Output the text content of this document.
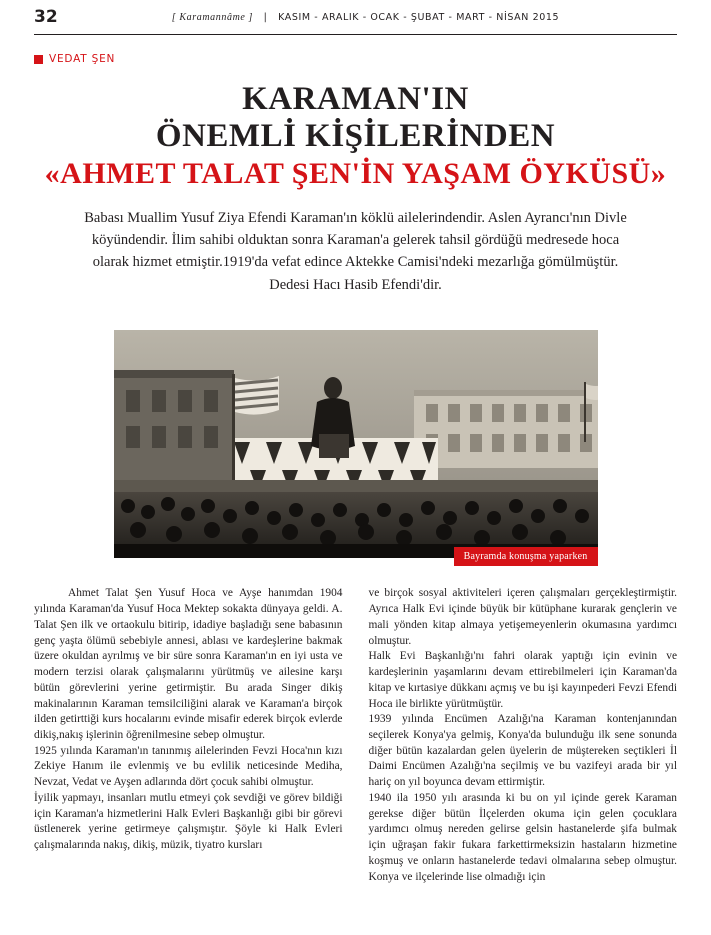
32	[ Karamannâme ] | KASIM - ARALIK - OCAK - ŞUBAT - MART - NİSAN 2015
VEDAT ŞEN
KARAMAN'IN
ÖNEMLİ KİŞİLERİNDEN
«AHMET TALAT ŞEN'İN YAŞAM ÖYKÜSÜ»
Babası Muallim Yusuf Ziya Efendi Karaman'ın köklü ailelerindendir. Aslen Ayrancı'nın Divle köyündendir. İlim sahibi olduktan sonra Karaman'a gelerek tahsil gördüğü medresede hoca olarak hizmet etmiştir.1919'da vefat edince Aktekke Camisi'ndeki mezarlığa gömülmüştür. Dedesi Hacı Hasib Efendi'dir.
Bayramda konuşma yaparken

Ahmet Talat Şen Yusuf Hoca ve Ayşe hanımdan 1904 yılında Karaman'da Yusuf Hoca Mektep sokakta dünyaya geldi. A. Talat Şen ilk ve ortaokulu bitirip, idadiye başladığı sene babasının genç yaşta ölümü sebebiyle annesi, ablası ve kardeşlerine bakmak üzere okuldan ayrılmış ve bir süre sonra Karaman'ın en iyi usta ve modern terzisi olarak çalışmalarını yürütmüş ve ailesine karşı bütün görevlerini yerine getirmiştir. Bu arada Singer dikiş makinalarının Karaman temsilciliğini alarak ve Karaman'a birçok ilden getirttiği kurs hocalarını evinde misafir ederek birçok evlerde dikiş,nakış işlerinin öğrenilmesine sebep olmuştur.

1925 yılında Karaman'ın tanınmış ailelerinden Fevzi Hoca'nın kızı Zekiye Hanım ile evlenmiş ve bu evlilik neticesinde Mediha, Nevzat, Vedat ve Ayşen adlarında dört çocuk sahibi olmuştur.

İyilik yapmayı, insanları mutlu etmeyi çok sevdiği ve görev bildiği için Karaman'a hizmetlerini Halk Evleri Başkanlığı gibi bir görevi üstlenerek yerine getirmeye çalışmıştır. Şöyle ki Halk Evleri çalışmalarında nakış, dikiş, müzik, tiyatro kursları

ve birçok sosyal aktiviteleri içeren çalışmaları gerçekleştirmiştir. Ayrıca Halk Evi içinde büyük bir kütüphane kurarak gençlerin ve mali yönden kitap almaya yetişemeyenlerin okumasına yardımcı olmuştur.

Halk Evi Başkanlığı'nı fahri olarak yaptığı için evinin ve kardeşlerinin yaşamlarını devam ettirebilmeleri için Karaman'da kitap ve kırtasiye dükkanı açmış ve bu işi kayınpederi Fevzi Efendi Hoca ile birlikte yürütmüştür.

1939 yılında Encümen Azalığı'na Karaman kontenjanından seçilerek Konya'ya gelmiş, Konya'da bulunduğu ilk sene sonunda diğer bütün kazalardan gelen üyelerin de müştereken seçtikleri İl Daimi Encümen Azalığı'na seçilmiş ve bu vazifeyi arada bir yıl hariç on yıl boyunca devam ettirmiştir.

1940 ila 1950 yılı arasında ki bu on yıl içinde gerek Karaman gerekse diğer bütün İlçelerden okuma için gelen çocuklara yardımcı olmuş nereden gelirse gelsin hastanelerde şifa bulmak için uğraşan fakir fukara farkettirmeksizin hastaların hizmetine koşmuş ve onların hastanelerde tedavi olmalarına sebep olmuştur. Konya ve ilçelerinde lise olmadığı için
